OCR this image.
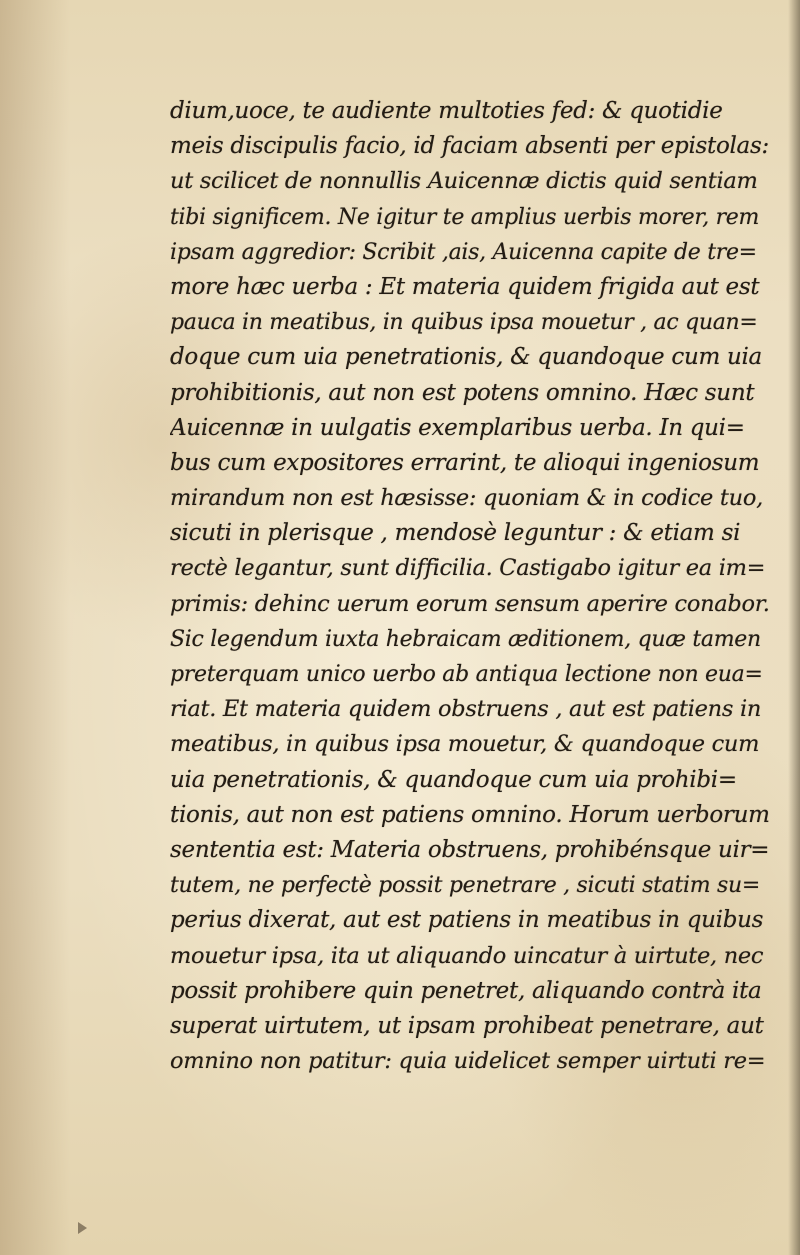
dium,uoce, te audiente multoties fed: & quotidie
meis discipulis facio, id faciam absenti per epistolas:
ut scilicet de nonnullis Auicennæ dictis quid sentiam
tibi significem. Ne igitur te amplius uerbis morer, rem
ipsam aggredior: Scribit ,ais, Auicenna capite de tre=
more hæc uerba : Et materia quidem frigida aut est
pauca in meatibus, in quibus ipsa mouetur , ac quan=
doque cum uia penetrationis, & quandoque cum uia
prohibitionis, aut non est potens omnino. Hæc sunt
Auicennæ in uulgatis exemplaribus uerba. In qui=
bus cum expositores errarint, te alioqui ingeniosum
mirandum non est hæsisse: quoniam & in codice tuo,
sicuti in plerisque , mendosè leguntur : & etiam si
rectè legantur, sunt difficilia. Castigabo igitur ea im=
primis: dehinc uerum eorum sensum aperire conabor.
Sic legendum iuxta hebraicam æditionem, quæ tamen
preterquam unico uerbo ab antiqua lectione non eua=
riat. Et materia quidem obstruens , aut est patiens in
meatibus, in quibus ipsa mouetur, & quandoque cum
uia penetrationis, & quandoque cum uia prohibi=
tionis, aut non est patiens omnino. Horum uerborum
sententia est: Materia obstruens, prohibénsque uir=
tutem, ne perfectè possit penetrare , sicuti statim su=
perius dixerat, aut est patiens in meatibus in quibus
mouetur ipsa, ita ut aliquando uincatur à uirtute, nec
possit prohibere quin penetret, aliquando contrà ita
superat uirtutem, ut ipsam prohibeat penetrare, aut
omnino non patitur: quia uidelicet semper uirtuti re=
